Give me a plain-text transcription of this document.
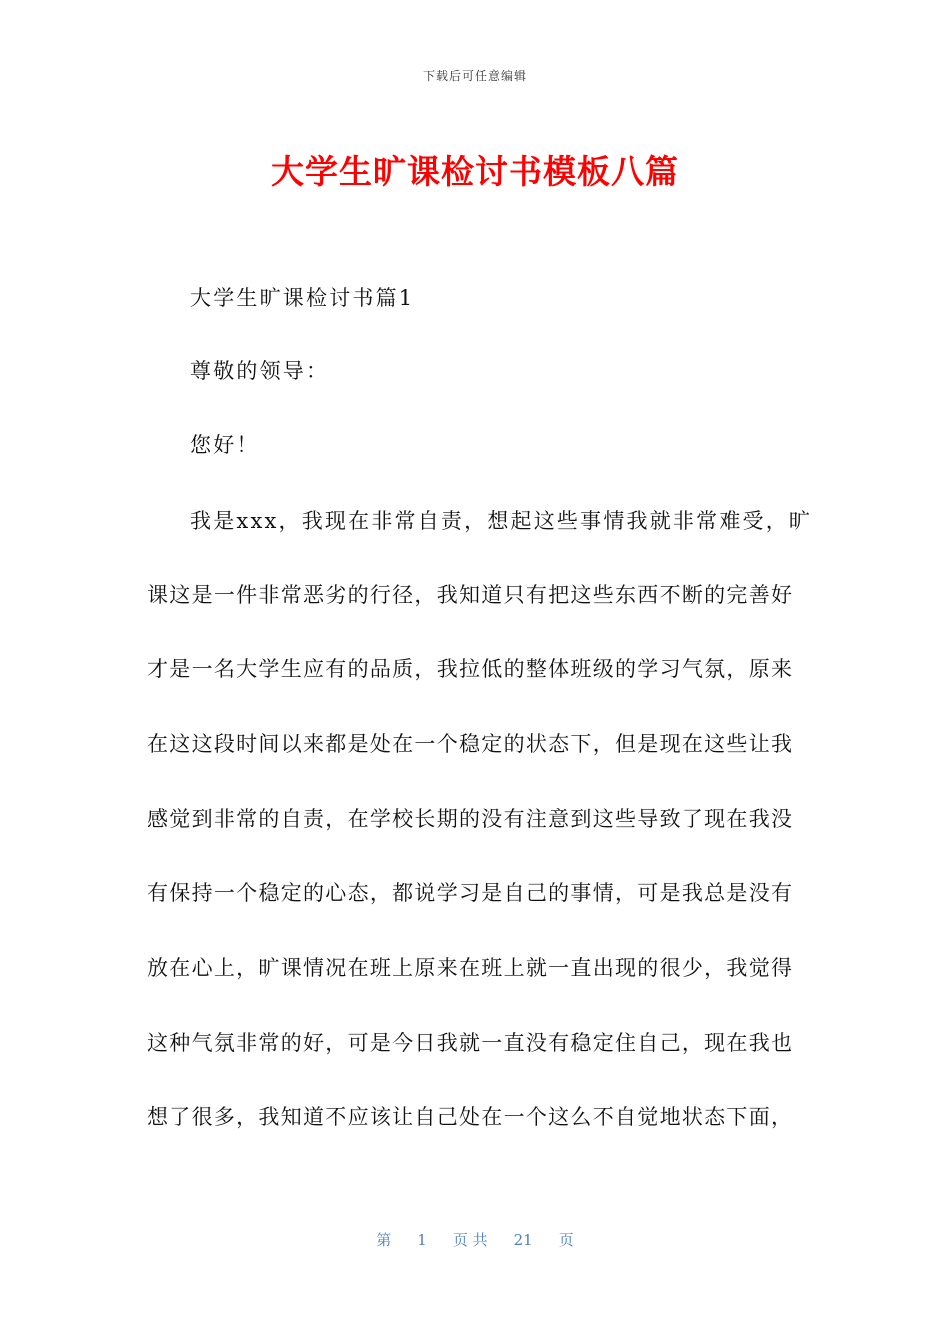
下载后可任意编辑
大学生旷课检讨书模板八篇
大学生旷课检讨书篇1
尊敬的领导：
您好！
我是xxx，我现在非常自责，想起这些事情我就非常难受，旷
课这是一件非常恶劣的行径，我知道只有把这些东西不断的完善好
才是一名大学生应有的品质，我拉低的整体班级的学习气氛，原来
在这这段时间以来都是处在一个稳定的状态下，但是现在这些让我
感觉到非常的自责，在学校长期的没有注意到这些导致了现在我没
有保持一个稳定的心态，都说学习是自己的事情，可是我总是没有
放在心上，旷课情况在班上原来在班上就一直出现的很少，我觉得
这种气氛非常的好，可是今日我就一直没有稳定住自己，现在我也
想了很多，我知道不应该让自己处在一个这么不自觉地状态下面，
第 1 页 共 21 页
